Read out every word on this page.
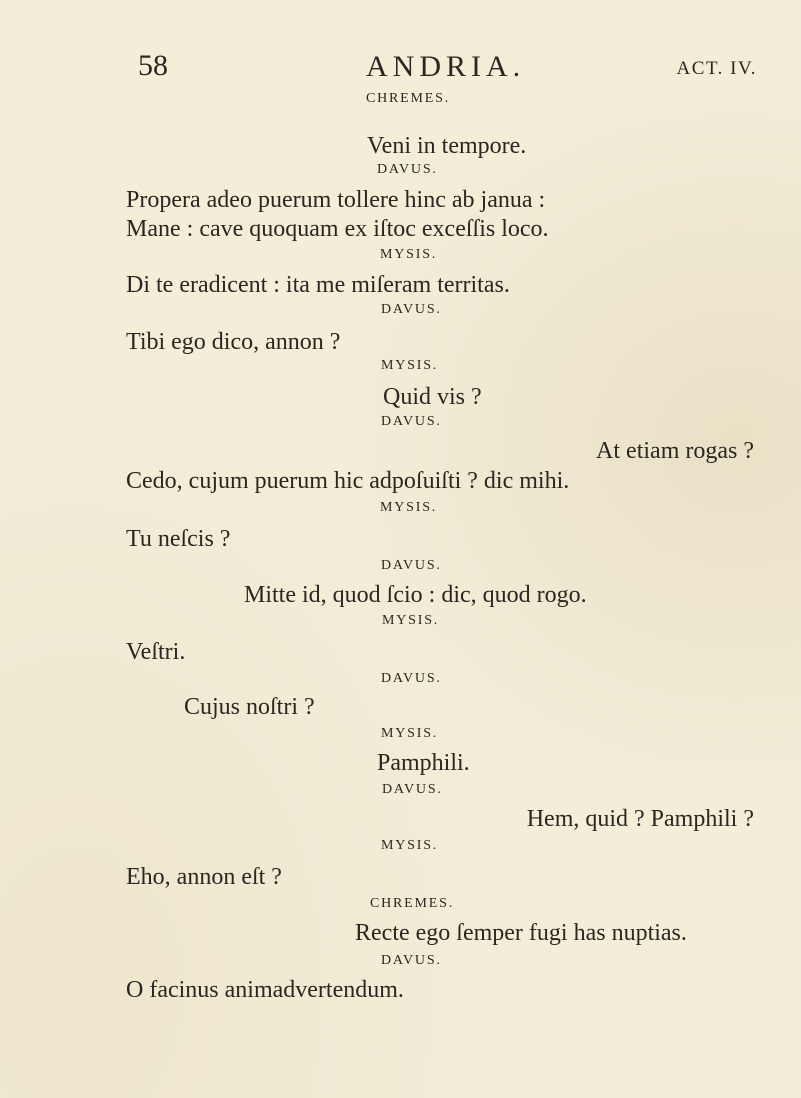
58	ANDRIA.	ACT. IV.
CHREMES.
Veni in tempore.
DAVUS.
Propera adeo puerum tollere hinc ab janua :
Mane : cave quoquam ex iſtoc exceſſis loco.
MYSIS.
Di te eradicent : ita me miſeram territas.
DAVUS.
Tibi ego dico, annon ?
MYSIS.
Quid vis ?
DAVUS.
At etiam rogas ?
Cedo, cujum puerum hic adpoſuiſti ? dic mihi.
MYSIS.
Tu neſcis ?
DAVUS.
Mitte id, quod ſcio : dic, quod rogo.
MYSIS.
Veſtri.
DAVUS.
Cujus noſtri ?
MYSIS.
Pamphili.
DAVUS.
Hem, quid ? Pamphili ?
MYSIS.
Eho, annon eſt ?
CHREMES.
Recte ego ſemper fugi has nuptias.
DAVUS.
O facinus animadvertendum.
